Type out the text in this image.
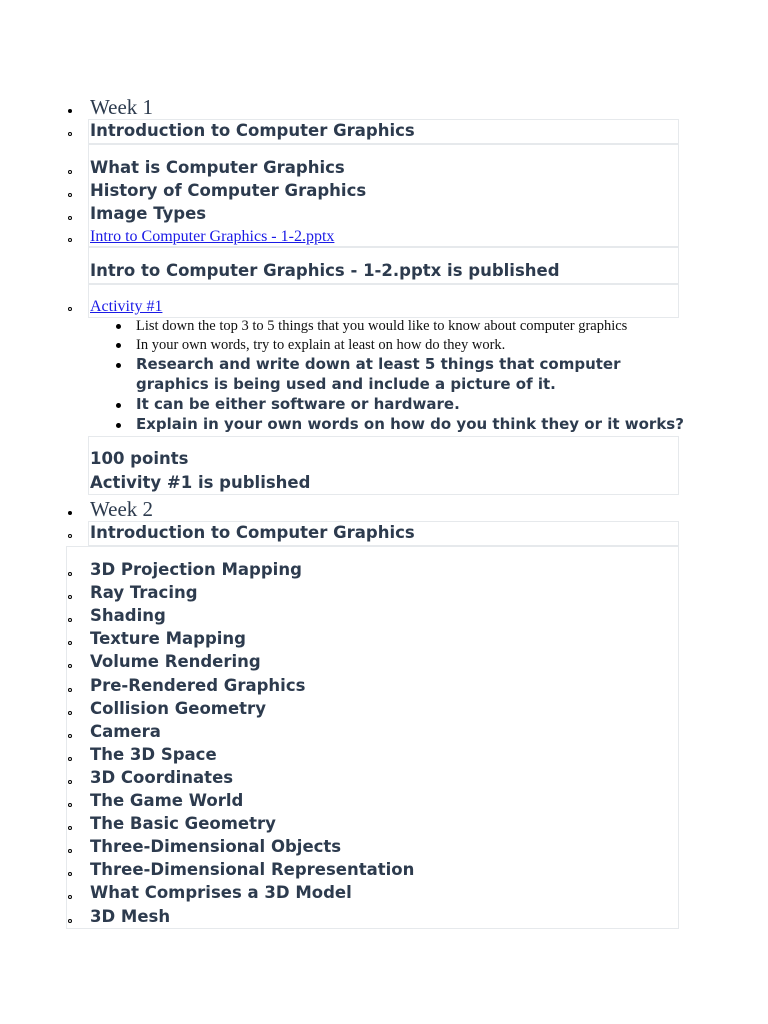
Week 1
Introduction to Computer Graphics
What is Computer Graphics
History of Computer Graphics
Image Types
Intro to Computer Graphics - 1-2.pptx
Intro to Computer Graphics - 1-2.pptx is published
Activity #1
List down the top 3 to 5 things that you would like to know about computer graphics
In your own words, try to explain at least on how do they work.
Research and write down at least 5 things that computer
graphics is being used and include a picture of it.
It can be either software or hardware.
Explain in your own words on how do you think they or it works?
100 points
Activity #1 is published
Week 2
Introduction to Computer Graphics
3D Projection Mapping
Ray Tracing
Shading
Texture Mapping
Volume Rendering
Pre-Rendered Graphics
Collision Geometry
Camera
The 3D Space
3D Coordinates
The Game World
The Basic Geometry
Three-Dimensional Objects
Three-Dimensional Representation
What Comprises a 3D Model
3D Mesh
